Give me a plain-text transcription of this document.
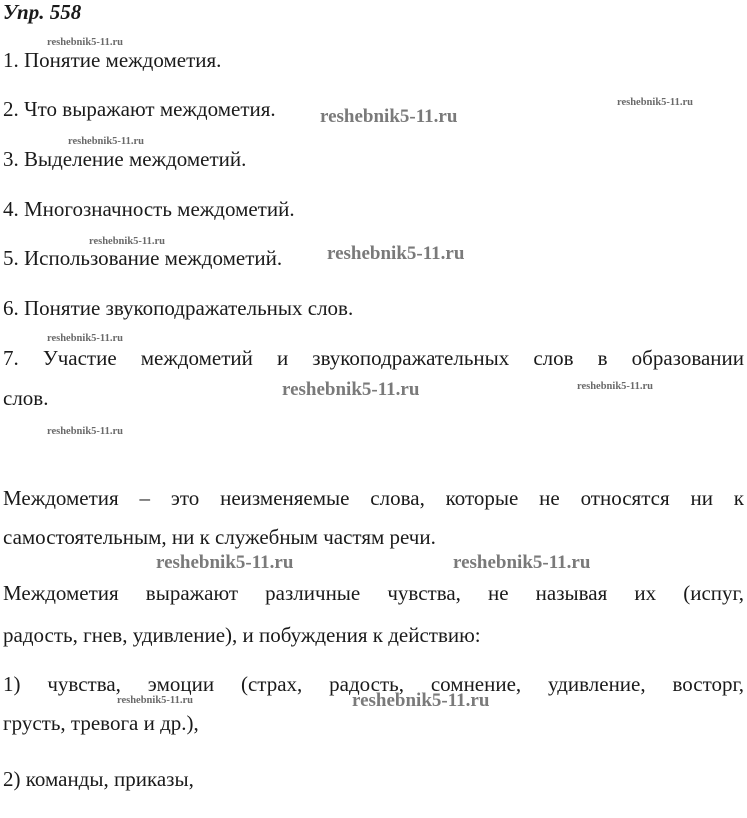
Упр. 558
1. Понятие междометия.
2. Что выражают междометия.
3. Выделение междометий.
4. Многозначность междометий.
5. Использование междометий.
6. Понятие звукоподражательных слов.
7. Участие междометий и звукоподражательных слов в образовании
слов.
Междометия – это неизменяемые слова, которые не относятся ни к
самостоятельным, ни к служебным частям речи.
Междометия выражают различные чувства, не называя их (испуг,
радость, гнев, удивление), и побуждения к действию:
1) чувства, эмоции (страх, радость, сомнение, удивление, восторг,
грусть, тревога и др.),
2) команды, приказы,
reshebnik5-11.ru
reshebnik5-11.ru
reshebnik5-11.ru
reshebnik5-11.ru
reshebnik5-11.ru
reshebnik5-11.ru
reshebnik5-11.ru
reshebnik5-11.ru	reshebnik5-11.ru
reshebnik5-11.ru
reshebnik5-11.ru	reshebnik5-11.ru
reshebnik5-11.ru	reshebnik5-11.ru
